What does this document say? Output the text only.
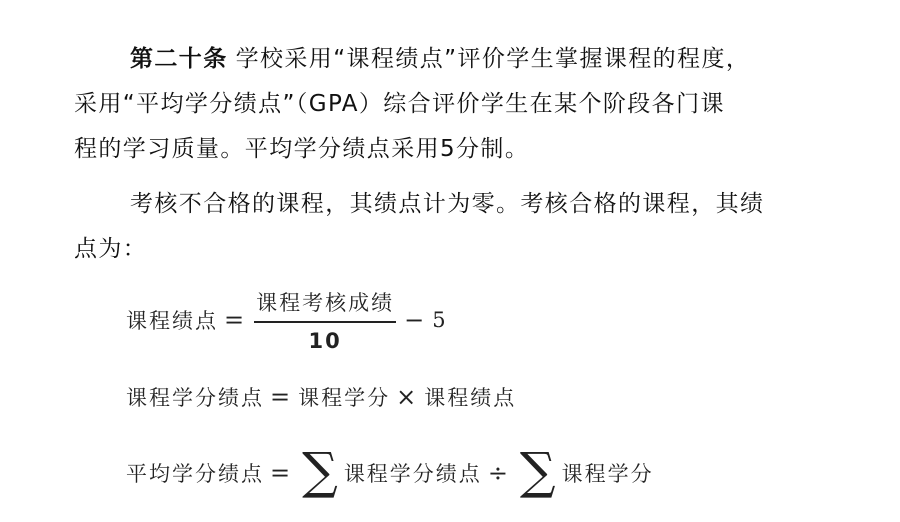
第二十条 学校采用“课程绩点”评价学生掌握课程的程度，
采用“平均学分绩点”（GPA）综合评价学生在某个阶段各门课
程的学习质量。平均学分绩点采用5分制。

考核不合格的课程，其绩点计为零。考核合格的课程，其绩
点为：

课程绩点 = $\frac{\text{课程考核成绩}}{10} - 5$
课程学分绩点 = 课程学分 × 课程绩点
平均学分绩点 = ∑ 课程学分绩点 ÷ ∑ 课程学分
